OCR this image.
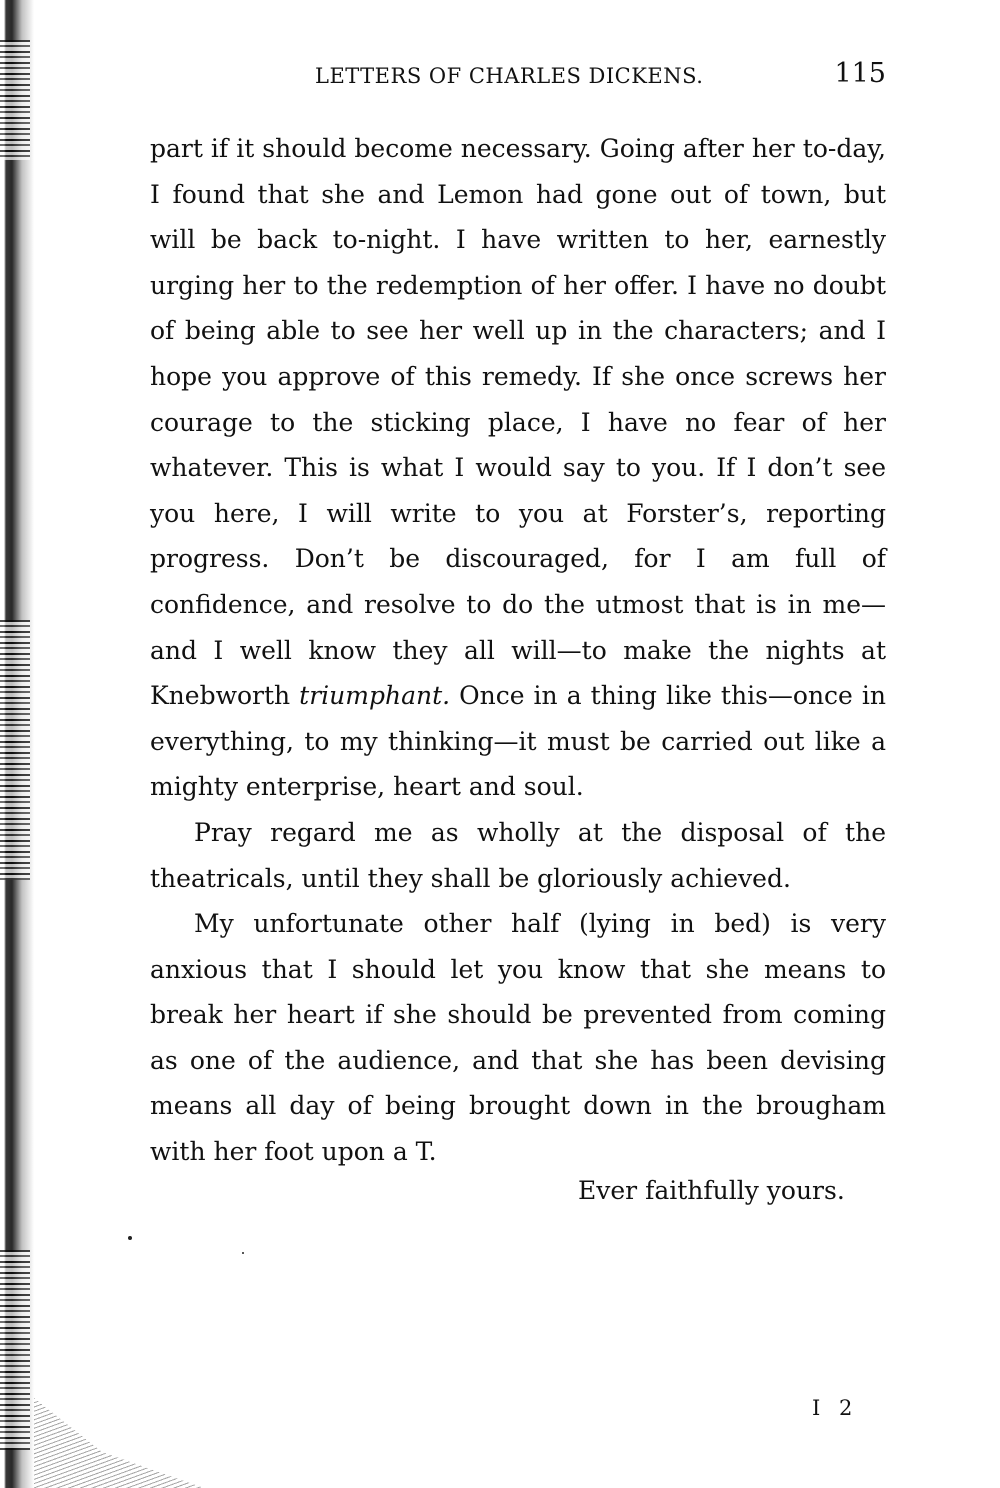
LETTERS OF CHARLES DICKENS.	115

part if it should become necessary. Going after her to-day, I found that she and Lemon had gone out of town, but will be back to-night. I have written to her, earnestly urging her to the redemption of her offer. I have no doubt of being able to see her well up in the characters; and I hope you approve of this remedy. If she once screws her courage to the sticking place, I have no fear of her whatever. This is what I would say to you. If I don’t see you here, I will write to you at Forster’s, reporting progress. Don’t be discouraged, for I am full of confidence, and resolve to do the utmost that is in me—and I well know they all will—to make the nights at Knebworth triumphant. Once in a thing like this—once in everything, to my thinking—it must be carried out like a mighty enterprise, heart and soul.

Pray regard me as wholly at the disposal of the theatricals, until they shall be gloriously achieved.

My unfortunate other half (lying in bed) is very anxious that I should let you know that she means to break her heart if she should be prevented from coming as one of the audience, and that she has been devising means all day of being brought down in the brougham with her foot upon a T.

Ever faithfully yours.
I 2
